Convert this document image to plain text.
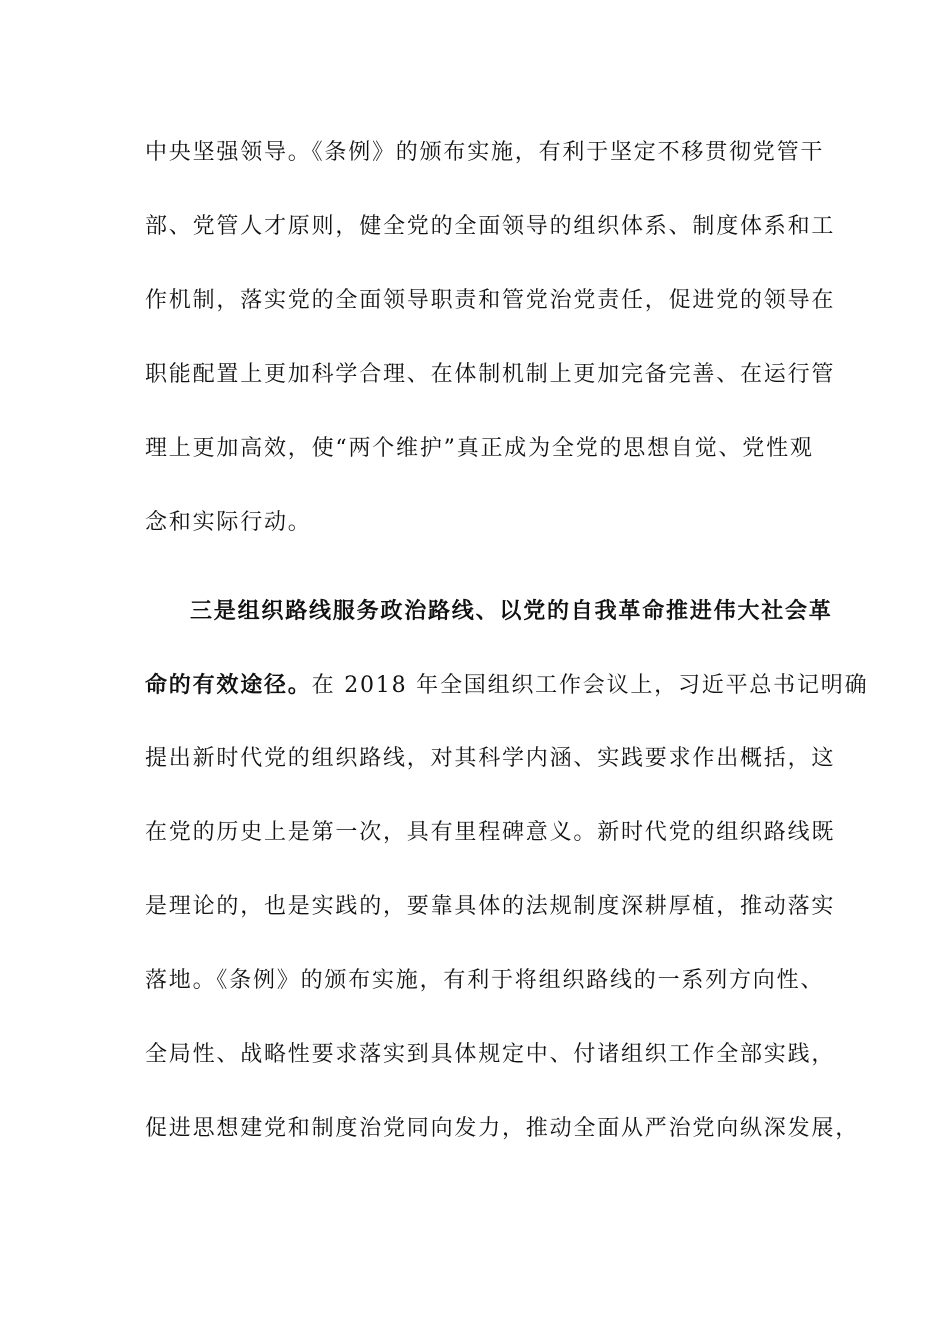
中央坚强领导。《条例》的颁布实施，有利于坚定不移贯彻党管干
部、党管人才原则，健全党的全面领导的组织体系、制度体系和工
作机制，落实党的全面领导职责和管党治党责任，促进党的领导在
职能配置上更加科学合理、在体制机制上更加完备完善、在运行管
理上更加高效，使“两个维护”真正成为全党的思想自觉、党性观
念和实际行动。
三是组织路线服务政治路线、以党的自我革命推进伟大社会革
命的有效途径。在 2018 年全国组织工作会议上，习近平总书记明确
提出新时代党的组织路线，对其科学内涵、实践要求作出概括，这
在党的历史上是第一次，具有里程碑意义。新时代党的组织路线既
是理论的，也是实践的，要靠具体的法规制度深耕厚植，推动落实
落地。《条例》的颁布实施，有利于将组织路线的一系列方向性、
全局性、战略性要求落实到具体规定中、付诸组织工作全部实践，
促进思想建党和制度治党同向发力，推动全面从严治党向纵深发展，
